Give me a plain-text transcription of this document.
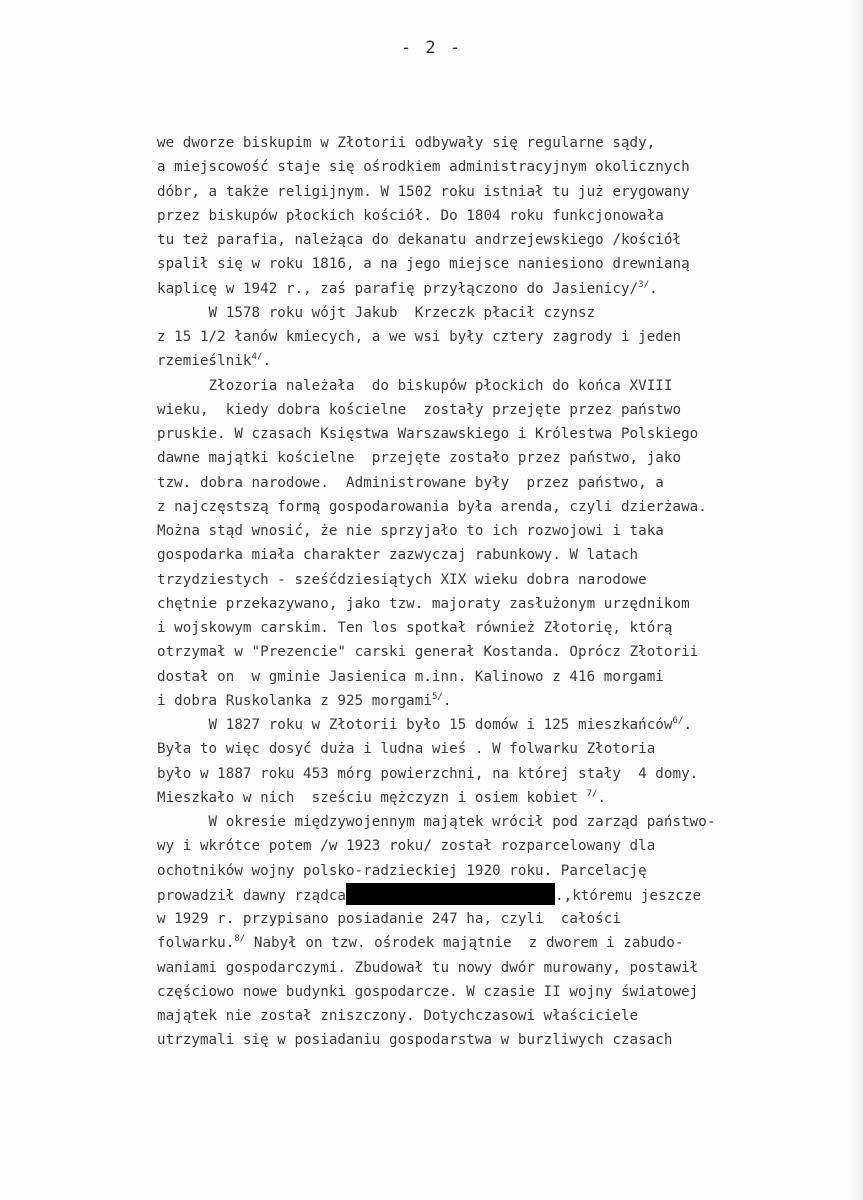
- 2 -
we dworze biskupim w Złotorii odbywały się regularne sądy,
a miejscowość staje się ośrodkiem administracyjnym okolicznych
dóbr, a także religijnym. W 1502 roku istniał tu już erygowany
przez biskupów płockich kościół. Do 1804 roku funkcjonowała
tu też parafia, należąca do dekanatu andrzejewskiego /kościół
spalił się w roku 1816, a na jego miejsce naniesiono drewnianą
kaplicę w 1942 r., zaś parafię przyłączono do Jasienicy/$^{3/}$.
W 1578 roku wójt Jakub  Krzeczk płacił czynsz
z 15 1/2 łanów kmiecych, a we wsi były cztery zagrody i jeden
rzemieślnik$^{4/}$.
Złozoria należała  do biskupów płockich do końca XVIII
wieku,  kiedy dobra kościelne  zostały przejęte przez państwo
pruskie. W czasach Księstwa Warszawskiego i Królestwa Polskiego
dawne majątki kościelne  przejęte zostało przez państwo, jako
tzw. dobra narodowe.  Administrowane były  przez państwo, a
z najczęstszą formą gospodarowania była arenda, czyli dzierżawa.
Można stąd wnosić, że nie sprzyjało to ich rozwojowi i taka
gospodarka miała charakter zazwyczaj rabunkowy. W latach
trzydziestych - sześćdziesiątych XIX wieku dobra narodowe
chętnie przekazywano, jako tzw. majoraty zasłużonym urzędnikom
i wojskowym carskim. Ten los spotkał również Złotorię, którą
otrzymał w "Prezencie" carski generał Kostanda. Oprócz Złotorii
dostał on  w gminie Jasienica m.inn. Kalinowo z 416 morgami
i dobra Ruskolanka z 925 morgami$^{5/}$.
W 1827 roku w Złotorii było 15 domów i 125 mieszkańców$^{6/}$.
Była to więc dosyć duża i ludna wieś . W folwarku Złotoria
było w 1887 roku 453 mórg powierzchni, na której stały  4 domy.
Mieszkało w nich  sześciu mężczyzn i osiem kobiet $^{7/}$.
W okresie międzywojennym majątek wrócił pod zarząd państwo-
wy i wkrótce potem /w 1923 roku/ został rozparcelowany dla
ochotników wojny polsko-radzieckiej 1920 roku. Parcelację
prowadził dawny rządca	.,któremu jeszcze
w 1929 r. przypisano posiadanie 247 ha, czyli  całości
folwarku.$^{8/}$ Nabył on tzw. ośrodek majątnie  z dworem i zabudo-
waniami gospodarczymi. Zbudował tu nowy dwór murowany, postawił
częściowo nowe budynki gospodarcze. W czasie II wojny światowej
majątek nie został zniszczony. Dotychczasowi właściciele
utrzymali się w posiadaniu gospodarstwa w burzliwych czasach
